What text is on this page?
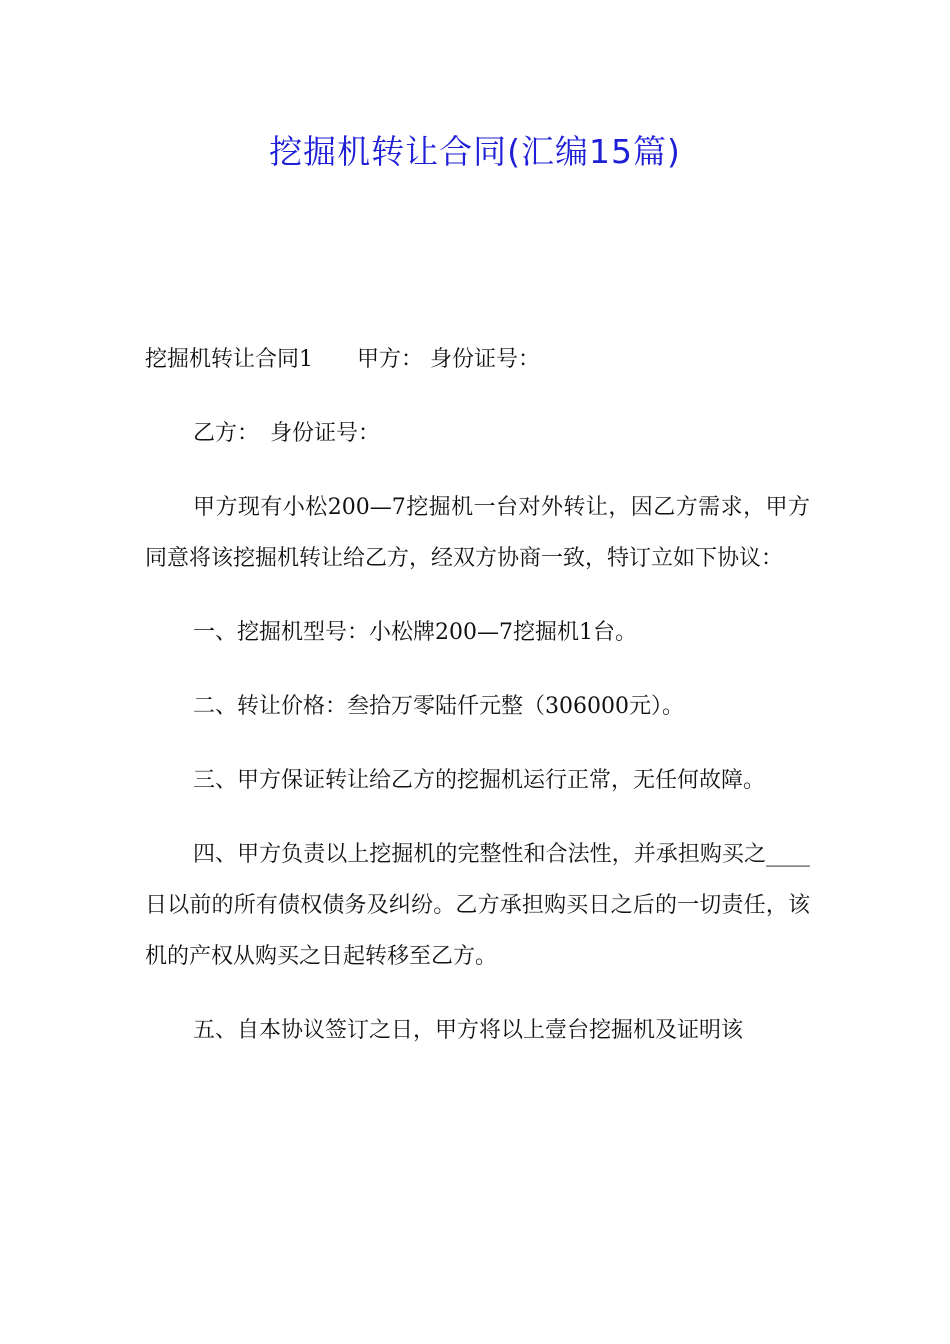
挖掘机转让合同(汇编15篇)

挖掘机转让合同1 甲方： 身份证号：

乙方：　身份证号：

甲方现有小松200—7挖掘机一台对外转让，因乙方需求，甲方同意将该挖掘机转让给乙方，经双方协商一致，特订立如下协议：

一、挖掘机型号：小松牌200—7挖掘机1台。

二、转让价格：叁拾万零陆仟元整（306000元）。

三、甲方保证转让给乙方的挖掘机运行正常，无任何故障。

四、甲方负责以上挖掘机的完整性和合法性，并承担购买之____日以前的所有债权债务及纠纷。乙方承担购买日之后的一切责任，该机的产权从购买之日起转移至乙方。

五、自本协议签订之日，甲方将以上壹台挖掘机及证明该
